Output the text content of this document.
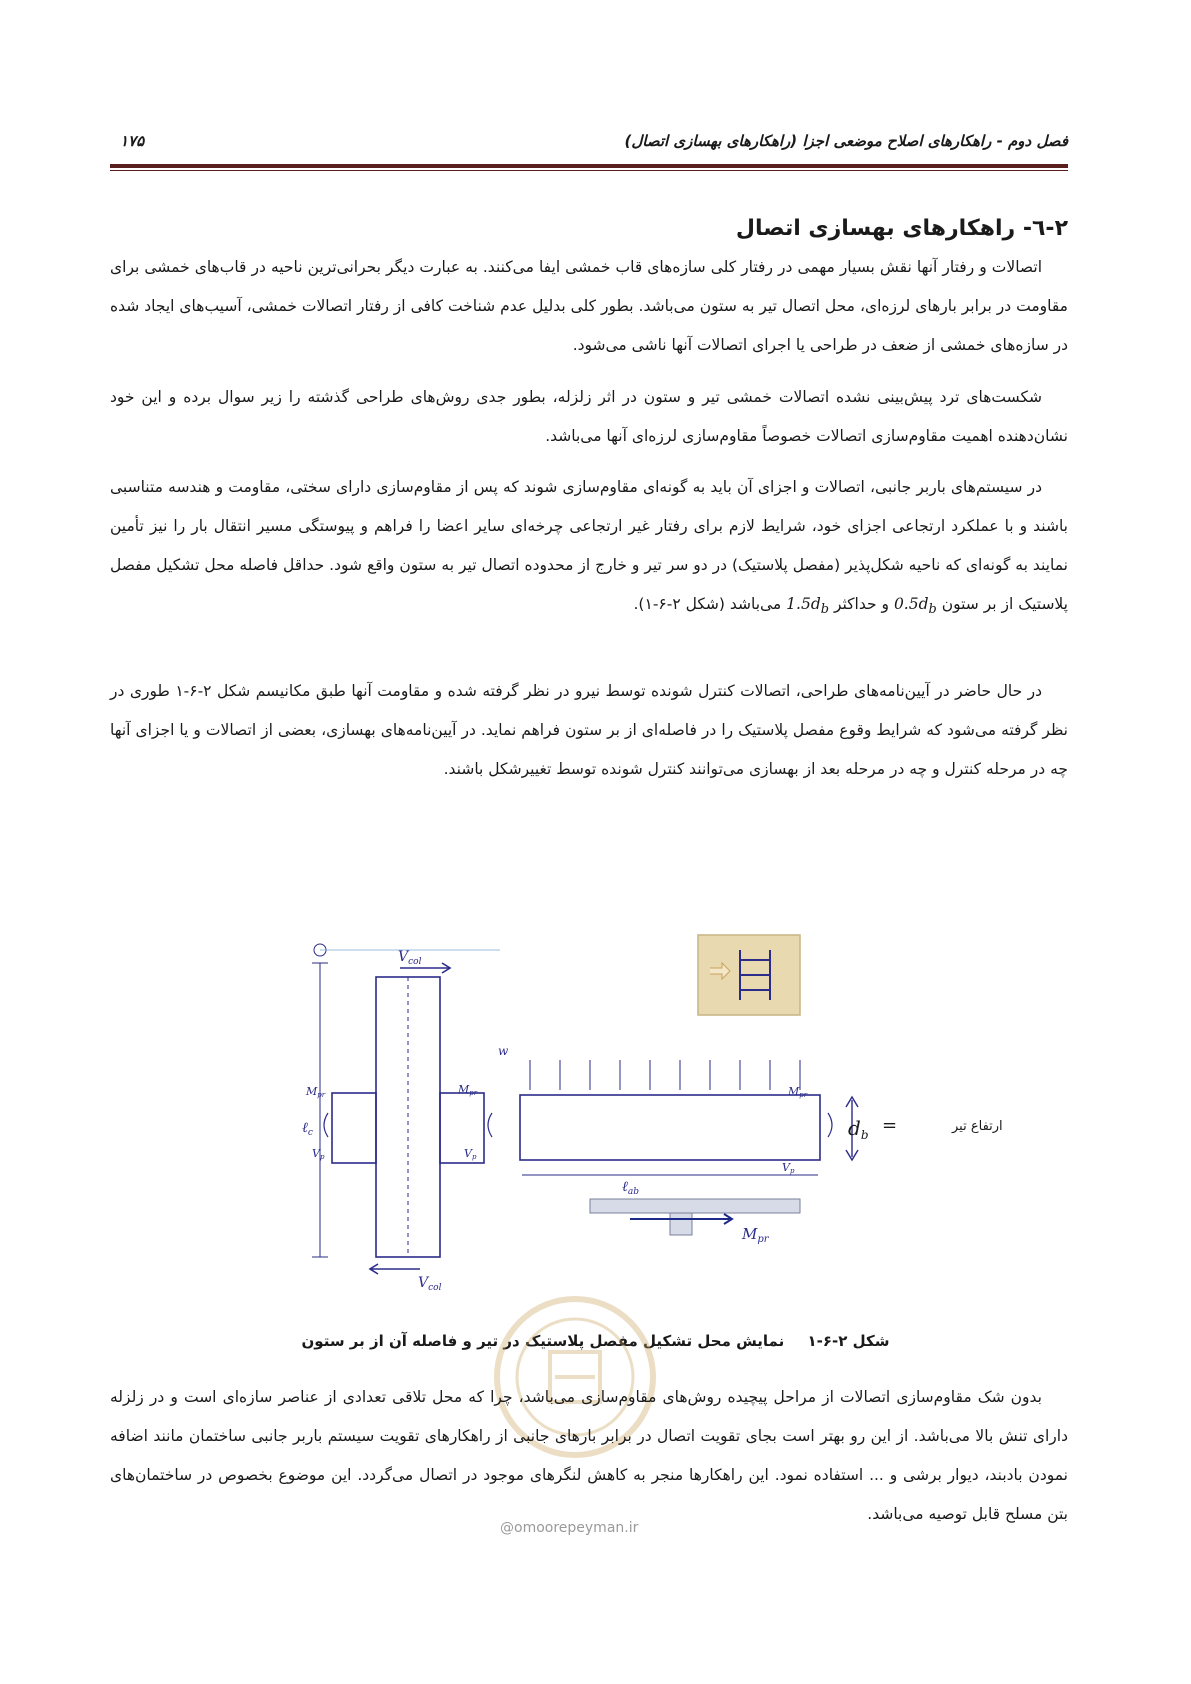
فصل دوم - راهکارهای اصلاح موضعی اجزا (راهکارهای بهسازی اتصال)
۱۷۵
۲-٦- راهکارهای بهسازی اتصال

اتصالات و رفتار آنها نقش بسیار مهمی در رفتار کلی سازه‌های قاب خمشی ایفا می‌کنند. به عبارت دیگر بحرانی‌ترین ناحیه در قاب‌های خمشی برای مقاومت در برابر بارهای لرزه‌ای، محل اتصال تیر به ستون می‌باشد. بطور کلی بدلیل عدم شناخت کافی از رفتار اتصالات خمشی، آسیب‌های ایجاد شده در سازه‌های خمشی از ضعف در طراحی یا اجرای اتصالات آنها ناشی می‌شود.

شکست‌های ترد پیش‌بینی نشده اتصالات خمشی تیر و ستون در اثر زلزله، بطور جدی روش‌های طراحی گذشته را زیر سوال برده و این خود نشان‌دهنده اهمیت مقاوم‌سازی اتصالات خصوصاً مقاوم‌سازی لرزه‌ای آنها می‌باشد.

در سیستم‌های باربر جانبی، اتصالات و اجزای آن باید به گونه‌ای مقاوم‌سازی شوند که پس از مقاوم‌سازی دارای سختی، مقاومت و هندسه متناسبی باشند و با عملکرد ارتجاعی اجزای خود، شرایط لازم برای رفتار غیر ارتجاعی چرخه‌ای سایر اعضا را فراهم و پیوستگی مسیر انتقال بار را نیز تأمین نمایند به گونه‌ای که ناحیه شکل‌پذیر (مفصل پلاستیک) در دو سر تیر و خارج از محدوده اتصال تیر به ستون واقع شود. حداقل فاصله محل تشکیل مفصل پلاستیک از بر ستون $0.5d_b$ و حداکثر $1.5d_b$ می‌باشد (شکل ۲-۶-۱).

در حال حاضر در آیین‌نامه‌های طراحی، اتصالات کنترل شونده توسط نیرو در نظر گرفته شده و مقاومت آنها طبق مکانیسم شکل ۲-۶-۱ طوری در نظر گرفته می‌شود که شرایط وقوع مفصل پلاستیک را در فاصله‌ای از بر ستون فراهم نماید. در آیین‌نامه‌های بهسازی، بعضی از اتصالات و یا اجزای آنها چه در مرحله کنترل و چه در مرحله بعد از بهسازی می‌توانند کنترل شونده توسط تغییرشکل باشند.

$V_{col}$
$V_{col}$
Mpr	Mpr	Mpr
Vp	Vp
Vp
ℓ$_c$
w
ℓ$_{ab}$
$M_{pr}$
$d_b$ =	ارتفاع تیر
شکل ۲-۶-۱ نمایش محل تشکیل مفصل پلاستیک در تیر و فاصله آن از بر ستون
@omoorepeyman.ir

بدون شک مقاوم‌سازی اتصالات از مراحل پیچیده روش‌های مقاوم‌سازی می‌باشد، چرا که محل تلاقی تعدادی از عناصر سازه‌ای است و در زلزله دارای تنش بالا می‌باشد. از این رو بهتر است بجای تقویت اتصال در برابر بارهای جانبی از راهکارهای تقویت سیستم باربر جانبی ساختمان مانند اضافه نمودن بادبند، دیوار برشی و ... استفاده نمود. این راهکارها منجر به کاهش لنگرهای موجود در اتصال می‌گردد. این موضوع بخصوص در ساختمان‌های بتن مسلح قابل توصیه می‌باشد.
